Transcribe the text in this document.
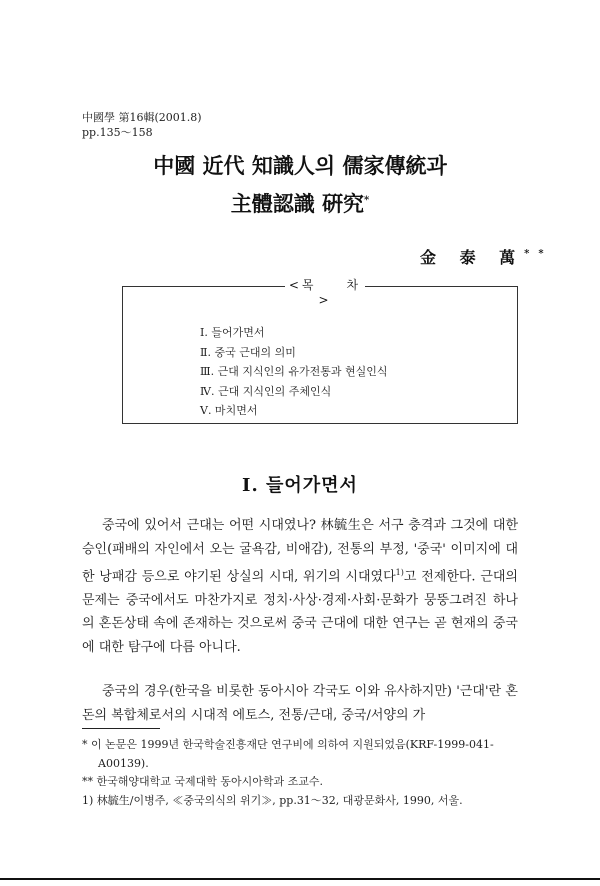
中國學 第16輯(2001.8)
pp.135～158
中國 近代 知識人의 儒家傳統과
主體認識 硏究*
金 泰 萬**
<목　　차>
Ⅰ. 들어가면서
Ⅱ. 중국 근대의 의미
Ⅲ. 근대 지식인의 유가전통과 현실인식
Ⅳ. 근대 지식인의 주체인식
Ⅴ. 마치면서
Ⅰ. 들어가면서

중국에 있어서 근대는 어떤 시대였나? 林毓生은 서구 충격과 그것에 대한 승인(패배의 자인에서 오는 굴욕감, 비애감), 전통의 부정, '중국' 이미지에 대한 낭패감 등으로 야기된 상실의 시대, 위기의 시대였다$^{1)}$고 전제한다. 근대의 문제는 중국에서도 마찬가지로 정치·사상·경제·사회·문화가 뭉뚱그려진 하나의 혼돈상태 속에 존재하는 것으로써 중국 근대에 대한 연구는 곧 현재의 중국에 대한 탐구에 다름 아니다.

중국의 경우(한국을 비롯한 동아시아 각국도 이와 유사하지만) '근대'란 혼돈의 복합체로서의 시대적 에토스, 전통/근대, 중국/서양의 가

* 이 논문은 1999년 한국학술진흥재단 연구비에 의하여 지원되었음(KRF-1999-041-A00139).

** 한국해양대학교 국제대학 동아시아학과 조교수.

1) 林毓生/이병주, ≪중국의식의 위기≫, pp.31～32, 대광문화사, 1990, 서울.
